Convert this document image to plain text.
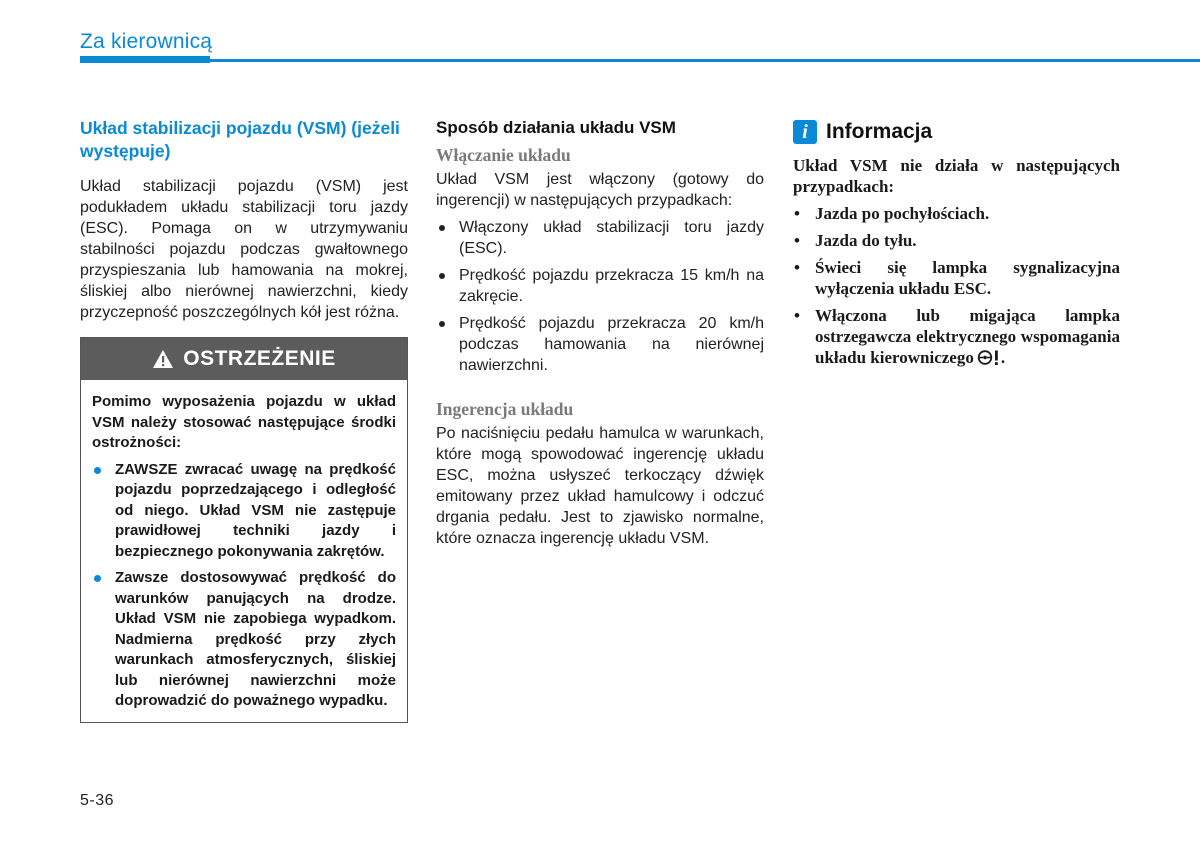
Za kierownicą

Układ stabilizacji pojazdu (VSM) (jeżeli występuje)

Układ stabilizacji pojazdu (VSM) jest podukładem układu stabilizacji toru jazdy (ESC). Pomaga on w utrzymywaniu stabilności pojazdu podczas gwałtownego przyspieszania lub hamowania na mokrej, śliskiej albo nierównej nawierzchni, kiedy przyczepność poszczególnych kół jest różna.

OSTRZEŻENIE

Pomimo wyposażenia pojazdu w układ VSM należy stosować następujące środki ostrożności:

ZAWSZE zwracać uwagę na prędkość pojazdu poprzedzającego i odległość od niego. Układ VSM nie zastępuje prawidłowej techniki jazdy i bezpiecznego pokonywania zakrętów.
Zawsze dostosowywać prędkość do warunków panujących na drodze. Układ VSM nie zapobiega wypadkom. Nadmierna prędkość przy złych warunkach atmosferycznych, śliskiej lub nierównej nawierzchni może doprowadzić do poważnego wypadku.

Sposób działania układu VSM

Włączanie układu

Układ VSM jest włączony (gotowy do ingerencji) w następujących przypadkach:

Włączony układ stabilizacji toru jazdy (ESC).
Prędkość pojazdu przekracza 15 km/h na zakręcie.
Prędkość pojazdu przekracza 20 km/h podczas hamowania na nierównej nawierzchni.

Ingerencja układu

Po naciśnięciu pedału hamulca w warunkach, które mogą spowodować ingerencję układu ESC, można usłyszeć terkoczący dźwięk emitowany przez układ hamulcowy i odczuć drgania pedału. Jest to zjawisko normalne, które oznacza ingerencję układu VSM.

i Informacja

Układ VSM nie działa w następujących przypadkach:

• Jazda po pochyłościach.
• Jazda do tyłu.
• Świeci się lampka sygnalizacyjna wyłączenia układu ESC.
• Włączona lub migająca lampka ostrzegawcza elektrycznego wspomagania układu kierowniczego .
5-36
